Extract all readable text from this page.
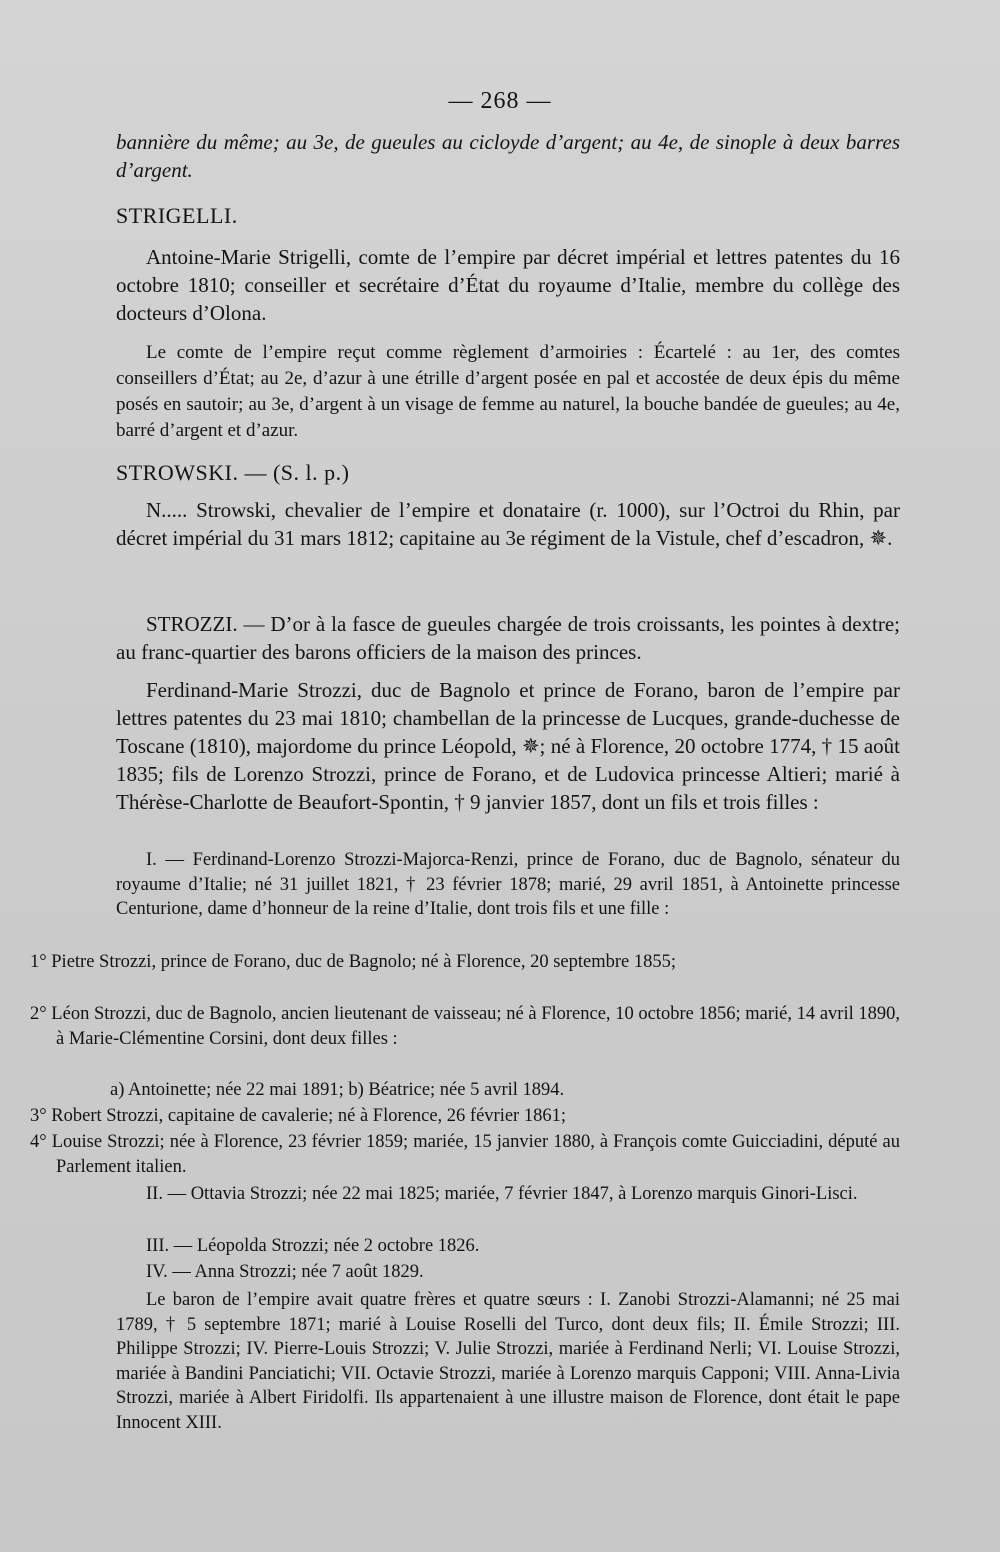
— 268 —
bannière du même; au 3e, de gueules au cicloyde d’argent; au 4e, de sinople à deux barres d’argent.
STRIGELLI.
Antoine-Marie Strigelli, comte de l’empire par décret impérial et lettres patentes du 16 octobre 1810; conseiller et secrétaire d’État du royaume d’Italie, membre du collège des docteurs d’Olona.
Le comte de l’empire reçut comme règlement d’armoiries : Écartelé : au 1er, des comtes conseillers d’État; au 2e, d’azur à une étrille d’argent posée en pal et accostée de deux épis du même posés en sautoir; au 3e, d’argent à un visage de femme au naturel, la bouche bandée de gueules; au 4e, barré d’argent et d’azur.
STROWSKI. — (S. l. p.)
N..... Strowski, chevalier de l’empire et donataire (r. 1000), sur l’Octroi du Rhin, par décret impérial du 31 mars 1812; capitaine au 3e régiment de la Vistule, chef d’escadron, ✵.
STROZZI. — D’or à la fasce de gueules chargée de trois croissants, les pointes à dextre; au franc-quartier des barons officiers de la maison des princes.
Ferdinand-Marie Strozzi, duc de Bagnolo et prince de Forano, baron de l’empire par lettres patentes du 23 mai 1810; chambellan de la princesse de Lucques, grande-duchesse de Toscane (1810), majordome du prince Léopold, ✵; né à Florence, 20 octobre 1774, † 15 août 1835; fils de Lorenzo Strozzi, prince de Forano, et de Ludovica princesse Altieri; marié à Thérèse-Charlotte de Beaufort-Spontin, † 9 janvier 1857, dont un fils et trois filles :
I. — Ferdinand-Lorenzo Strozzi-Majorca-Renzi, prince de Forano, duc de Bagnolo, sénateur du royaume d’Italie; né 31 juillet 1821, † 23 février 1878; marié, 29 avril 1851, à Antoinette princesse Centurione, dame d’honneur de la reine d’Italie, dont trois fils et une fille :
1° Pietre Strozzi, prince de Forano, duc de Bagnolo; né à Florence, 20 septembre 1855;
2° Léon Strozzi, duc de Bagnolo, ancien lieutenant de vaisseau; né à Florence, 10 octobre 1856; marié, 14 avril 1890, à Marie-Clémentine Corsini, dont deux filles :
a) Antoinette; née 22 mai 1891; b) Béatrice; née 5 avril 1894.
3° Robert Strozzi, capitaine de cavalerie; né à Florence, 26 février 1861;
4° Louise Strozzi; née à Florence, 23 février 1859; mariée, 15 janvier 1880, à François comte Guicciadini, député au Parlement italien.
II. — Ottavia Strozzi; née 22 mai 1825; mariée, 7 février 1847, à Lorenzo marquis Ginori-Lisci.
III. — Léopolda Strozzi; née 2 octobre 1826.
IV. — Anna Strozzi; née 7 août 1829.
Le baron de l’empire avait quatre frères et quatre sœurs : I. Zanobi Strozzi-Alamanni; né 25 mai 1789, † 5 septembre 1871; marié à Louise Roselli del Turco, dont deux fils; II. Émile Strozzi; III. Philippe Strozzi; IV. Pierre-Louis Strozzi; V. Julie Strozzi, mariée à Ferdinand Nerli; VI. Louise Strozzi, mariée à Bandini Panciatichi; VII. Octavie Strozzi, mariée à Lorenzo marquis Capponi; VIII. Anna-Livia Strozzi, mariée à Albert Firidolfi. Ils appartenaient à une illustre maison de Florence, dont était le pape Innocent XIII.
